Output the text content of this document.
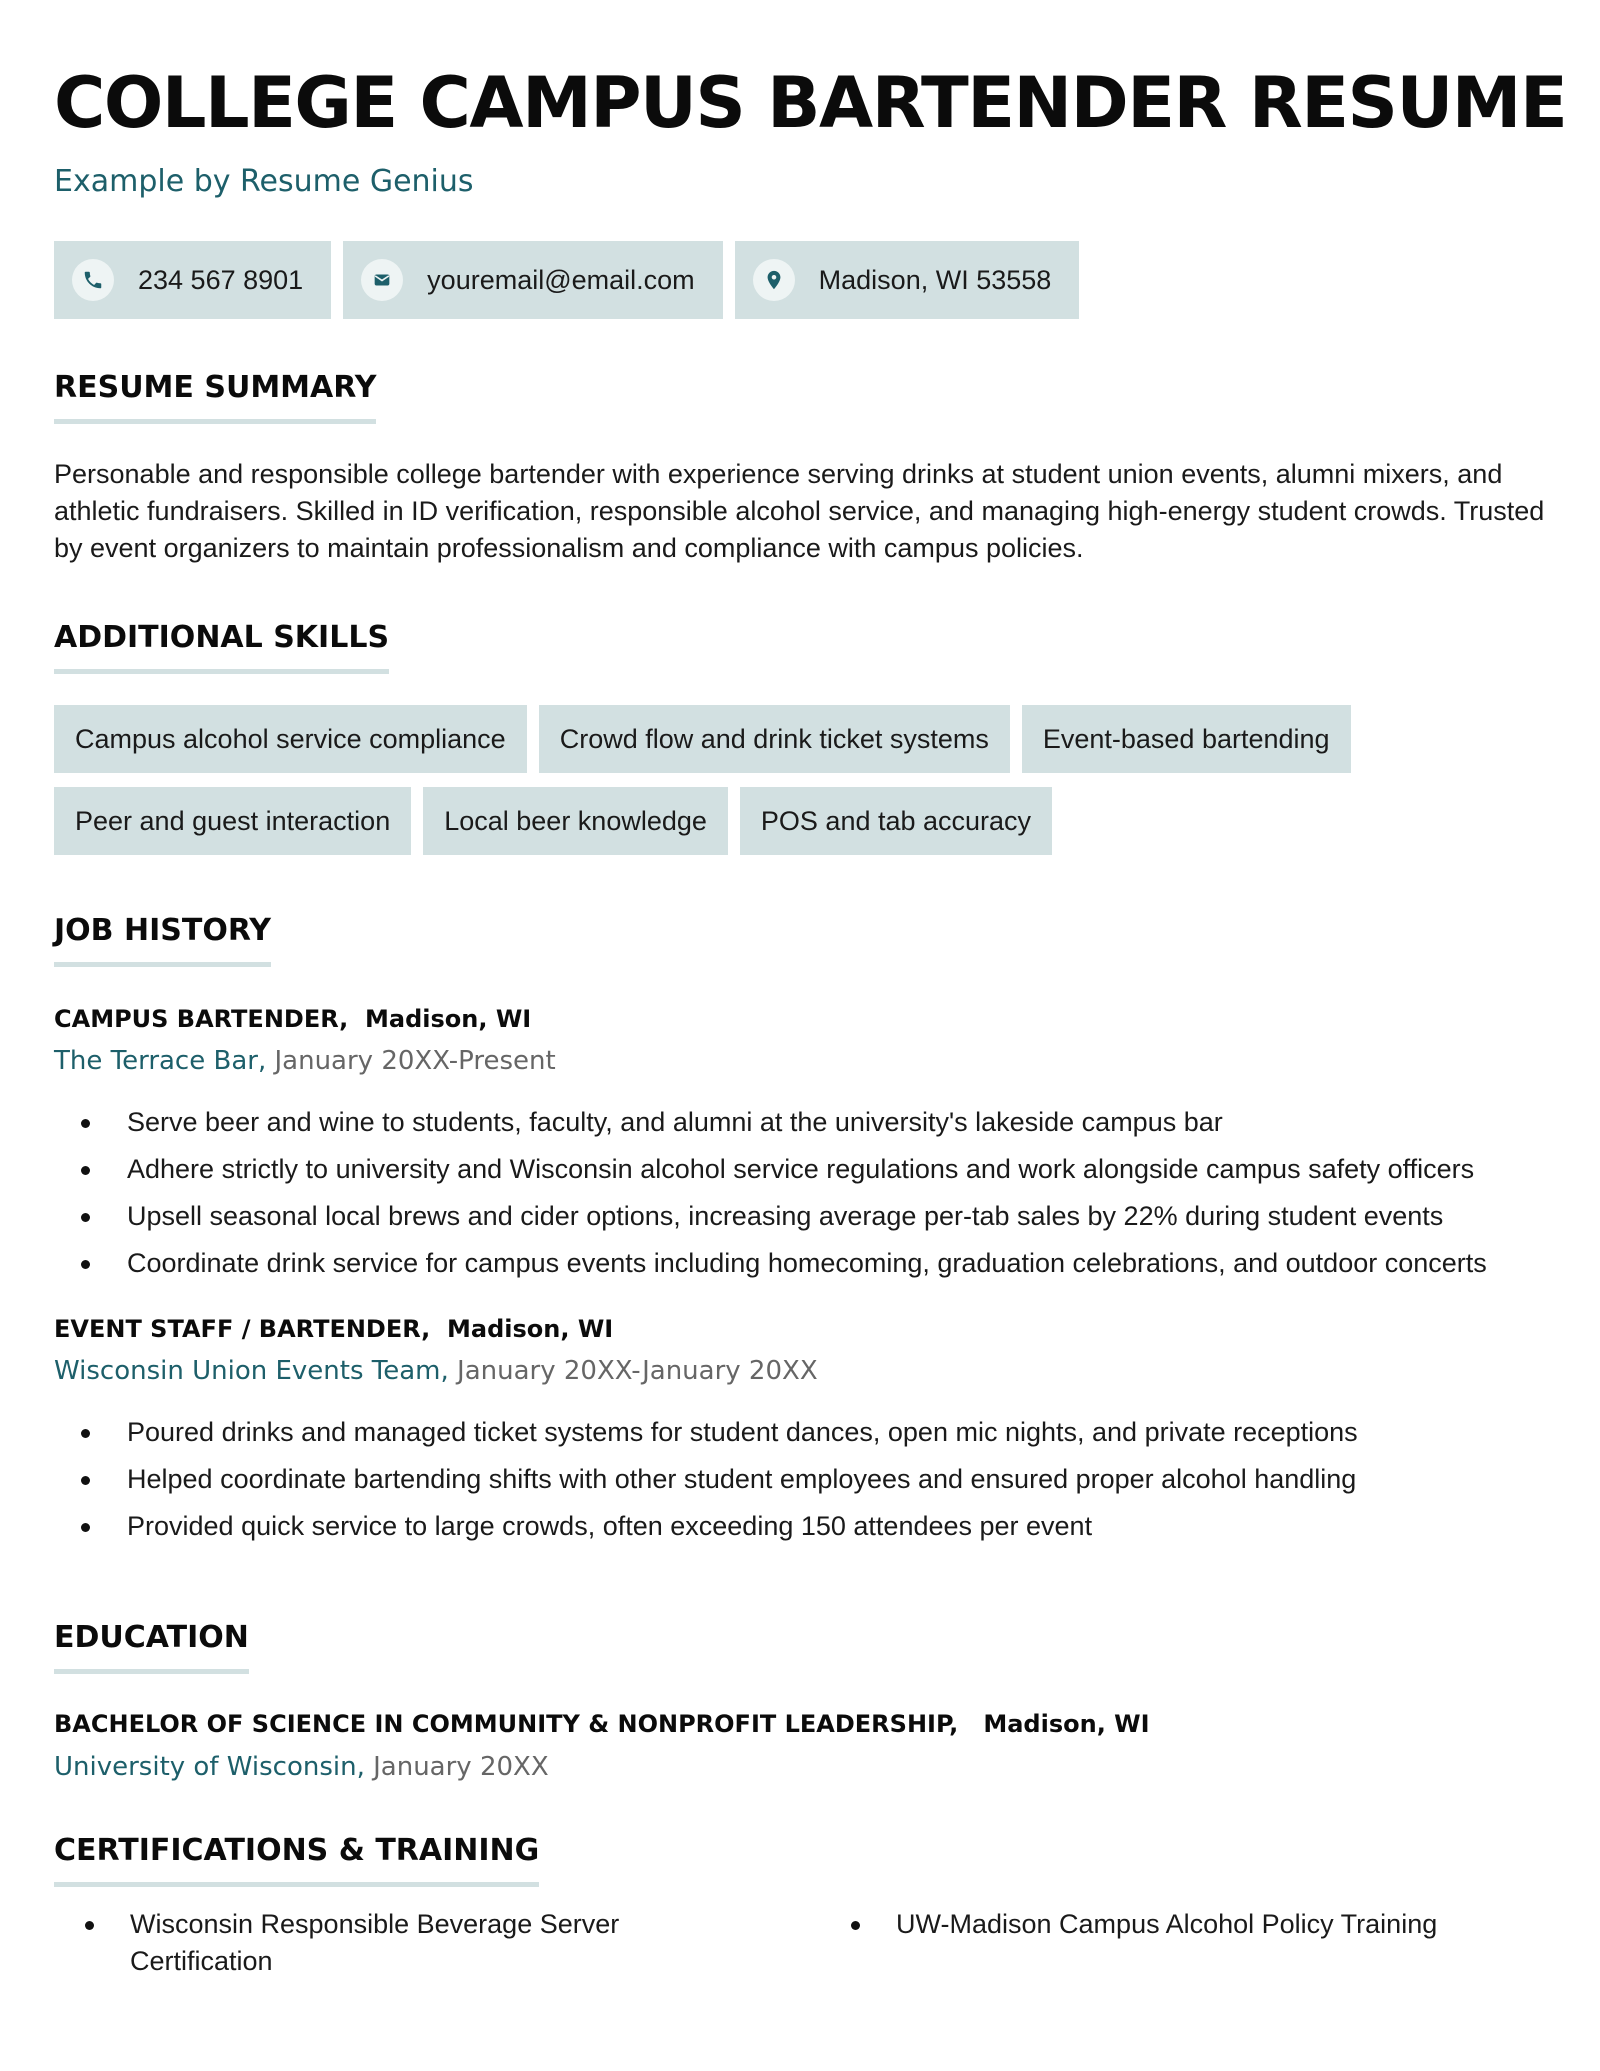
COLLEGE CAMPUS BARTENDER RESUME
Example by Resume Genius
234 567 8901	youremail@email.com	Madison, WI 53558
RESUME SUMMARY
Personable and responsible college bartender with experience serving drinks at student union events, alumni mixers, and athletic fundraisers. Skilled in ID verification, responsible alcohol service, and managing high-energy student crowds. Trusted by event organizers to maintain professionalism and compliance with campus policies.
ADDITIONAL SKILLS
Campus alcohol service compliance	Crowd flow and drink ticket systems	Event-based bartending
Peer and guest interaction	Local beer knowledge	POS and tab accuracy
JOB HISTORY
CAMPUS BARTENDER, Madison, WI
The Terrace Bar, January 20XX-Present
Serve beer and wine to students, faculty, and alumni at the university's lakeside campus bar
Adhere strictly to university and Wisconsin alcohol service regulations and work alongside campus safety officers
Upsell seasonal local brews and cider options, increasing average per-tab sales by 22% during student events
Coordinate drink service for campus events including homecoming, graduation celebrations, and outdoor concerts
EVENT STAFF / BARTENDER, Madison, WI
Wisconsin Union Events Team, January 20XX-January 20XX
Poured drinks and managed ticket systems for student dances, open mic nights, and private receptions
Helped coordinate bartending shifts with other student employees and ensured proper alcohol handling
Provided quick service to large crowds, often exceeding 150 attendees per event
EDUCATION
BACHELOR OF SCIENCE IN COMMUNITY & NONPROFIT LEADERSHIP, Madison, WI
University of Wisconsin, January 20XX
CERTIFICATIONS & TRAINING
Wisconsin Responsible Beverage Server Certification
UW-Madison Campus Alcohol Policy Training
